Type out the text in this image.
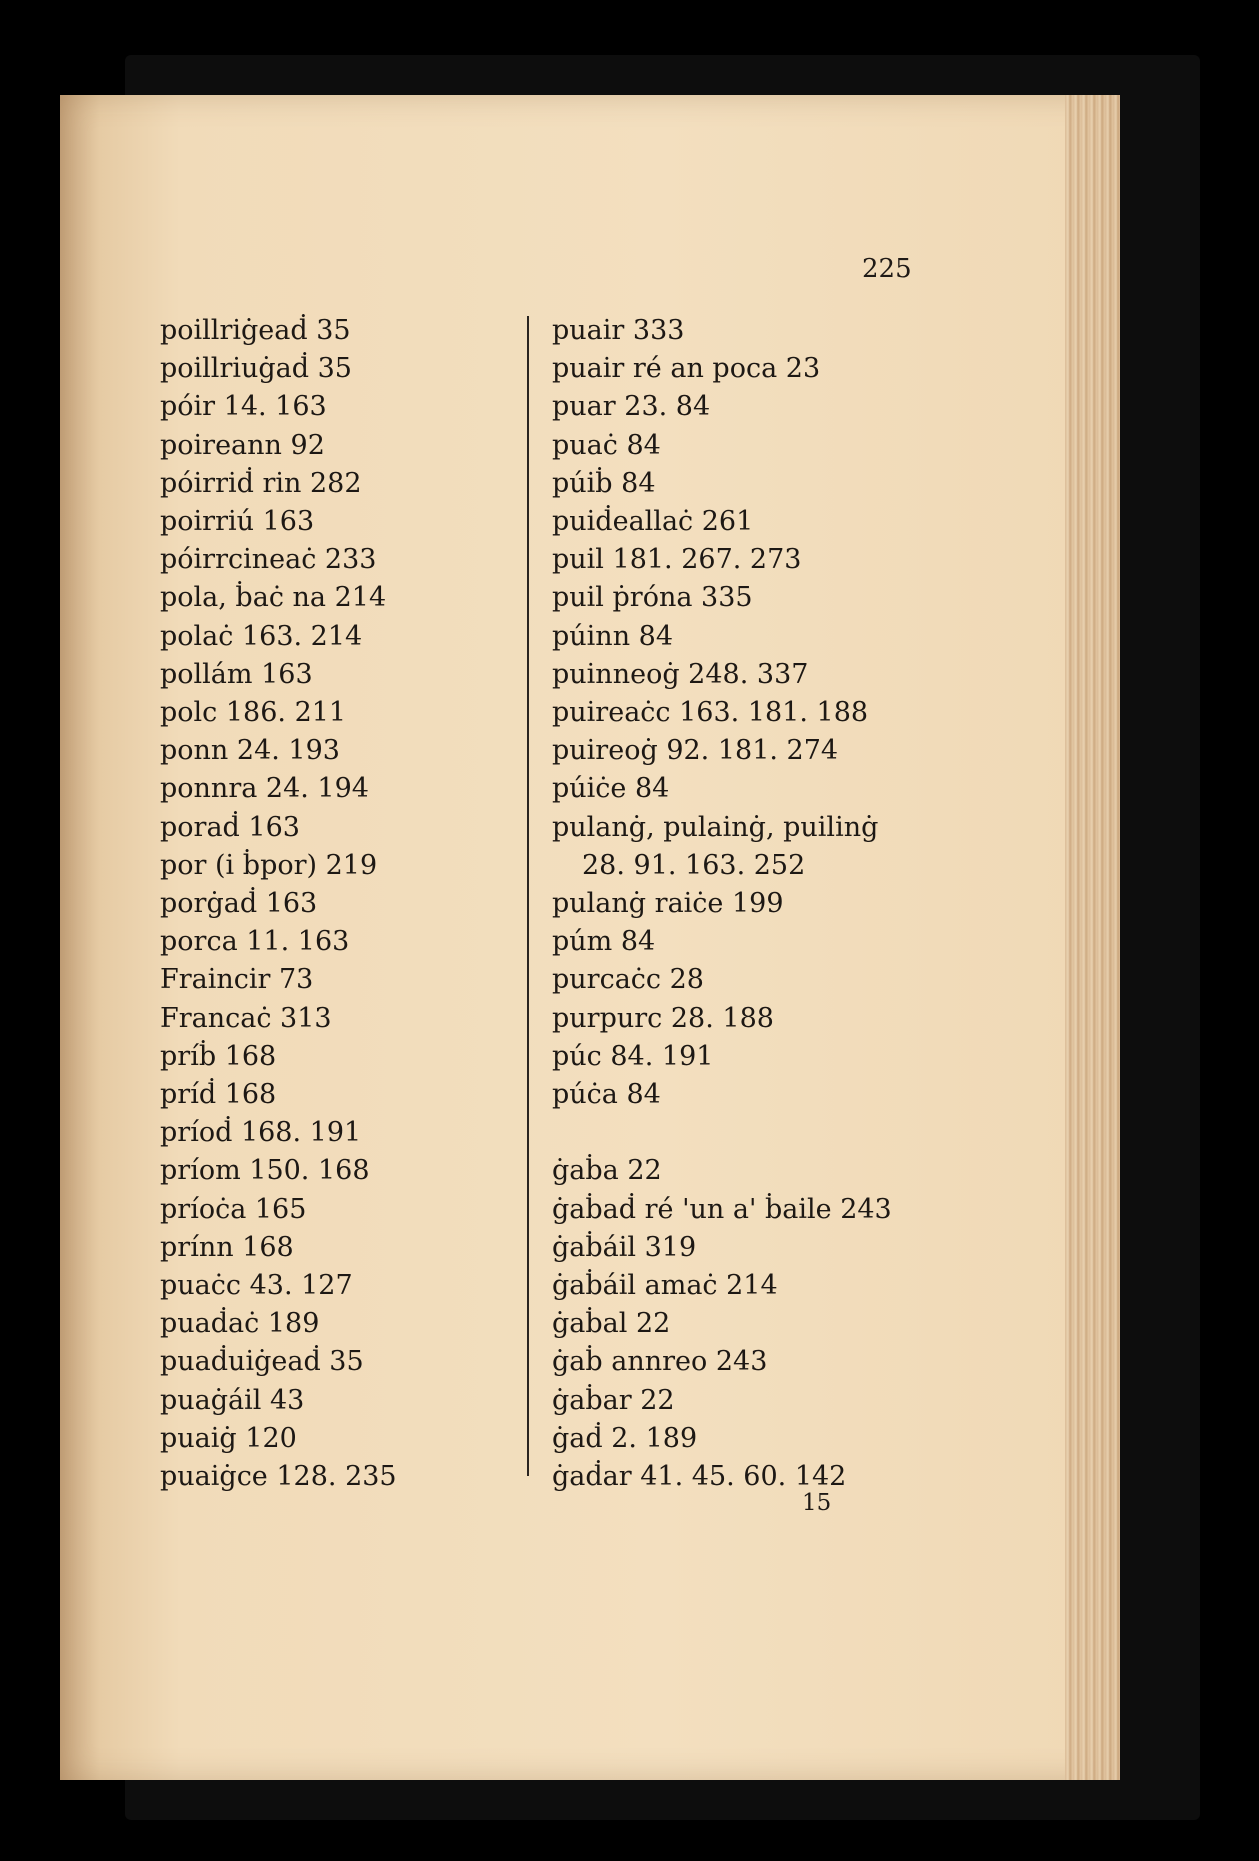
225
poillriġeaḋ 35
poillriuġaḋ 35
póir 14. 163
poireann 92
póirriḋ rin 282
poirriú 163
póirrcineaċ 233
pola, ḃaċ na 214
polaċ 163. 214
pollám 163
polc 186. 211
ponn 24. 193
ponnra 24. 194
poraḋ 163
por (i ḃpor) 219
porġaḋ 163
porca 11. 163
Fraincir 73
Francaċ 313
príḃ 168
príḋ 168
príoḋ 168. 191
príom 150. 168
príoċa 165
prínn 168
puaċc 43. 127
puaḋaċ 189
puaḋuiġeaḋ 35
puaġáil 43
puaiġ 120
puaiġce 128. 235
puair 333
puair ré an poca 23
puar 23. 84
puaċ 84
púiḃ 84
puiḋeallaċ 261
puil 181. 267. 273
puil ṗróna 335
púinn 84
puinneoġ 248. 337
puireaċc 163. 181. 188
puireoġ 92. 181. 274
púiċe 84
pulanġ, pulainġ, puilinġ
28. 91. 163. 252
pulanġ raiċe 199
púm 84
purcaċc 28
purpurc 28. 188
púc 84. 191
púċa 84
ġaḃa 22
ġaḃaḋ ré 'un a' ḃaile 243
ġaḃáil 319
ġaḃáil amaċ 214
ġaḃal 22
ġaḃ annreo 243
ġaḃar 22
ġaḋ 2. 189
ġaḋar 41. 45. 60. 142
15
